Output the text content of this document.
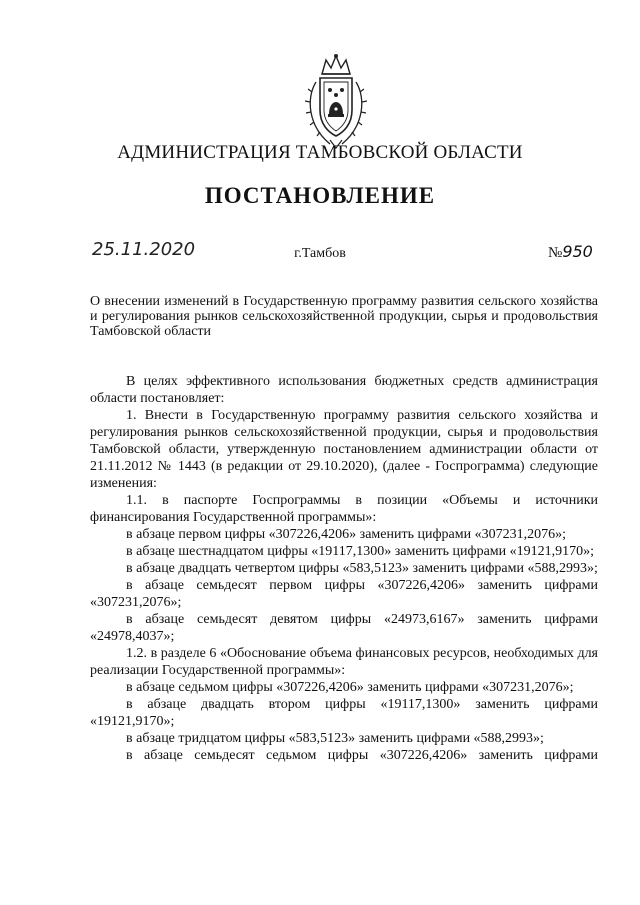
АДМИНИСТРАЦИЯ ТАМБОВСКОЙ ОБЛАСТИ
ПОСТАНОВЛЕНИЕ
25.11.2020	г.Тамбов	№950
О внесении изменений в Государственную программу развития сельского хозяйства и регулирования рынков сельскохозяйственной продукции, сырья и продовольствия Тамбовской области

В целях эффективного использования бюджетных средств администрация области постановляет:

1. Внести в Государственную программу развития сельского хозяйства и регулирования рынков сельскохозяйственной продукции, сырья и продовольствия Тамбовской области, утвержденную постановлением администрации области от 21.11.2012 № 1443 (в редакции от 29.10.2020), (далее - Госпрограмма) следующие изменения:

1.1. в паспорте Госпрограммы в позиции «Объемы и источники финансирования Государственной программы»:

в абзаце первом цифры «307226,4206» заменить цифрами «307231,2076»;

в абзаце шестнадцатом цифры «19117,1300» заменить цифрами «19121,9170»;

в абзаце двадцать четвертом цифры «583,5123» заменить цифрами «588,2993»;

в абзаце семьдесят первом цифры «307226,4206» заменить цифрами «307231,2076»;

в абзаце семьдесят девятом цифры «24973,6167» заменить цифрами «24978,4037»;

1.2. в разделе 6 «Обоснование объема финансовых ресурсов, необходимых для реализации Государственной программы»:

в абзаце седьмом цифры «307226,4206» заменить цифрами «307231,2076»;

в абзаце двадцать втором цифры «19117,1300» заменить цифрами «19121,9170»;

в абзаце тридцатом цифры «583,5123» заменить цифрами «588,2993»;

в абзаце семьдесят седьмом цифры «307226,4206» заменить цифрами
